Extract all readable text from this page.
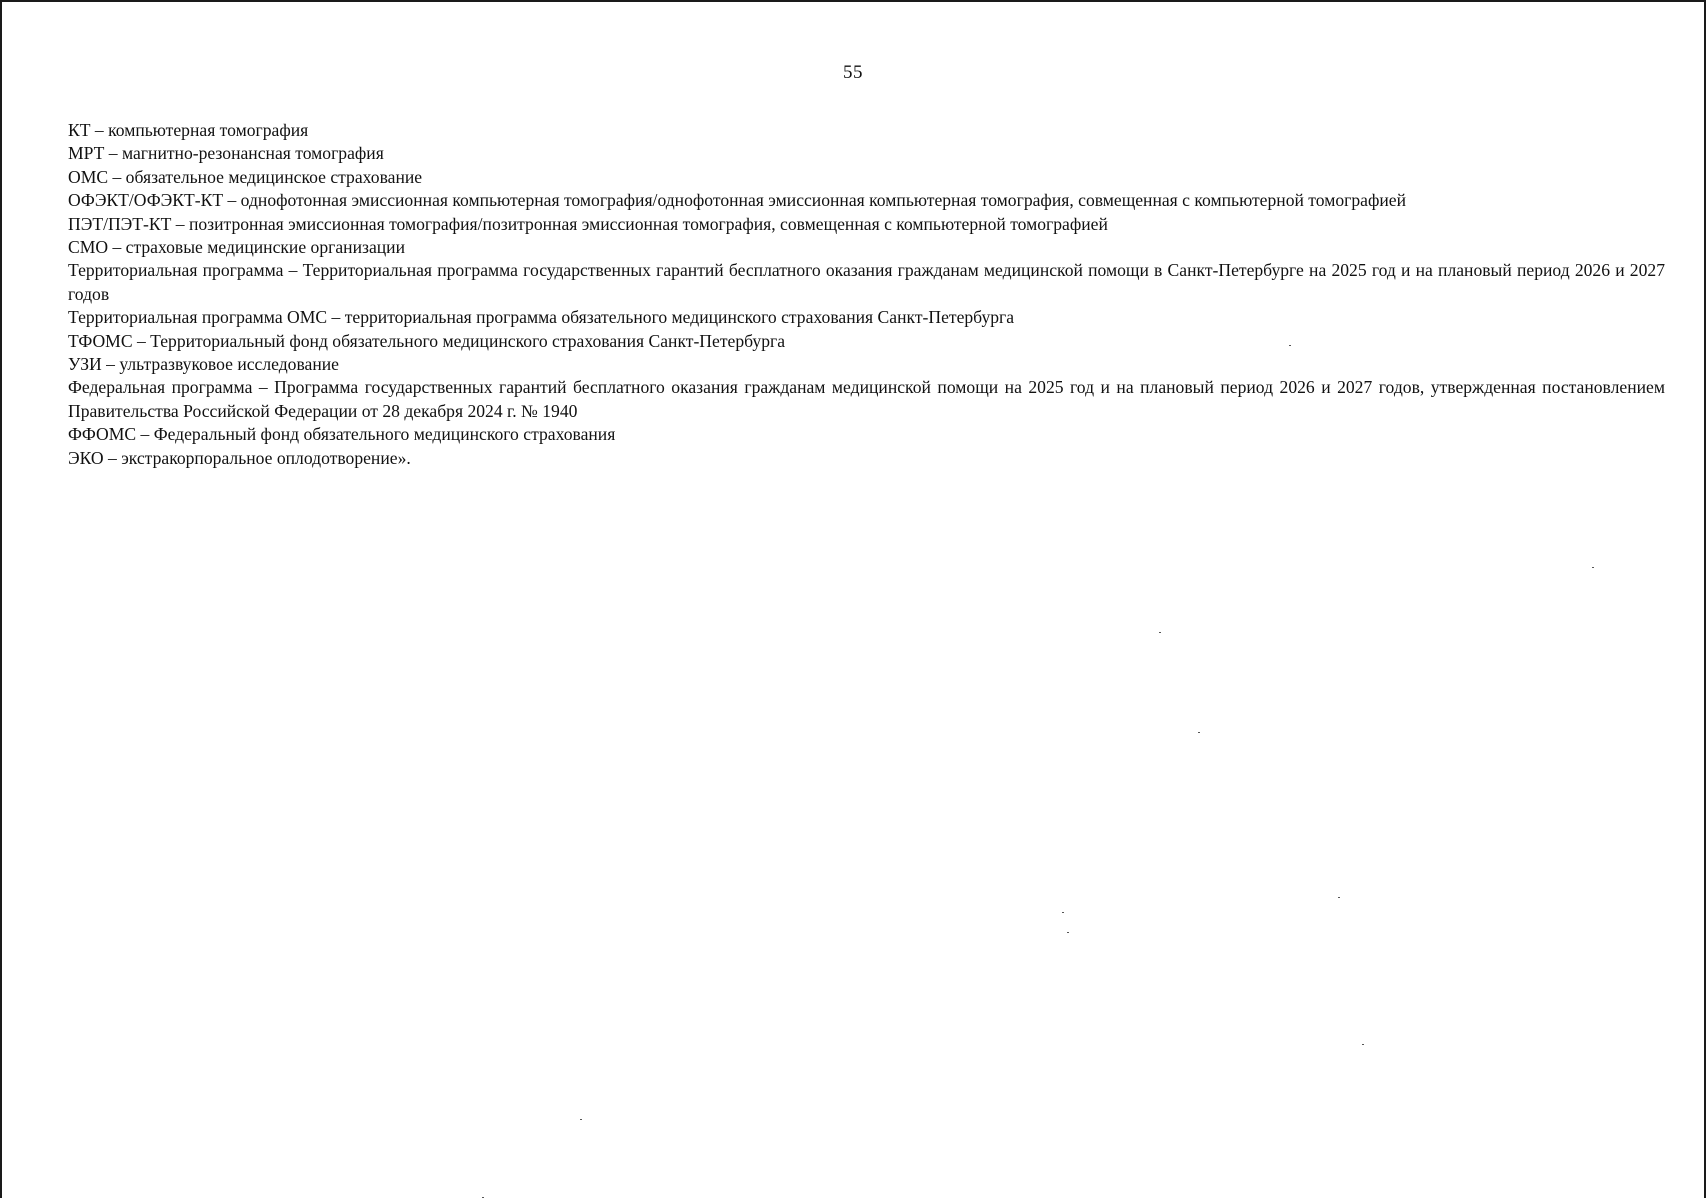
55

КТ – компьютерная томография

МРТ – магнитно-резонансная томография

ОМС – обязательное медицинское страхование

ОФЭКТ/ОФЭКТ-КТ – однофотонная эмиссионная компьютерная томография/однофотонная эмиссионная компьютерная томография, совмещенная с компьютерной томографией

ПЭТ/ПЭТ-КТ – позитронная эмиссионная томография/позитронная эмиссионная томография, совмещенная с компьютерной томографией

СМО – страховые медицинские организации

Территориальная программа – Территориальная программа государственных гарантий бесплатного оказания гражданам медицинской помощи в Санкт-Петербурге на 2025 год и на плановый период 2026 и 2027 годов

Территориальная программа ОМС – территориальная программа обязательного медицинского страхования Санкт-Петербурга

ТФОМС – Территориальный фонд обязательного медицинского страхования Санкт-Петербурга

УЗИ – ультразвуковое исследование

Федеральная программа – Программа государственных гарантий бесплатного оказания гражданам медицинской помощи на 2025 год и на плановый период 2026 и 2027 годов, утвержденная постановлением Правительства Российской Федерации от 28 декабря 2024 г. № 1940

ФФОМС – Федеральный фонд обязательного медицинского страхования

ЭКО – экстракорпоральное оплодотворение».
